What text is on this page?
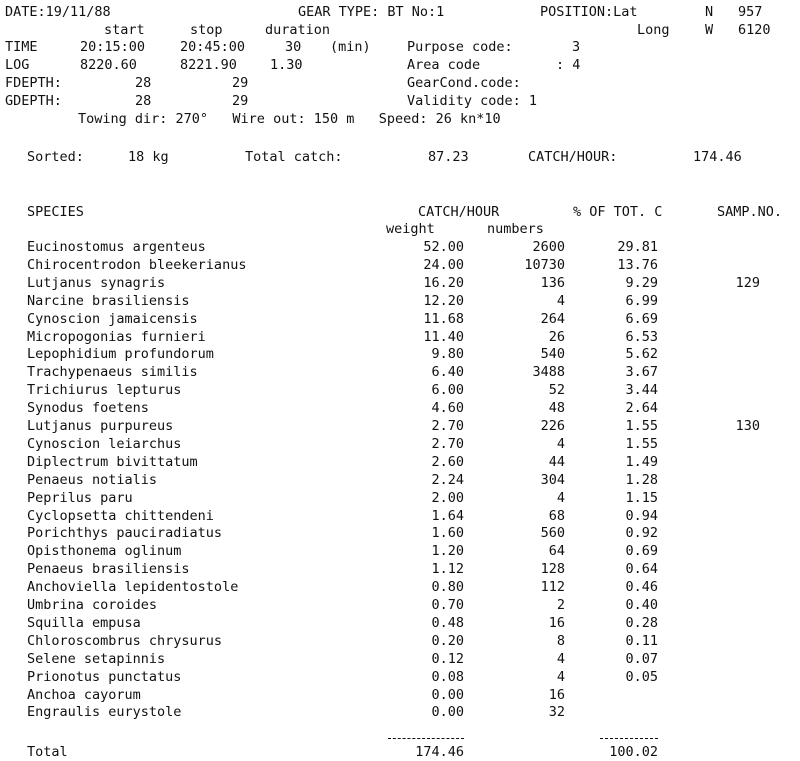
DATE:19/11/88	GEAR TYPE: BT No:1	POSITION:Lat	N 957
start	stop	duration	Long	W 6120
TIME	20:15:00	20:45:00	30 (min)	Purpose code:	3
LOG	8220.60	8221.90 1.30	Area code	: 4
FDEPTH:	28	29	GearCond.code:
GDEPTH:	28	29	Validity code: 1
Towing dir: 270°   Wire out: 150 m   Speed: 26 kn*10
Sorted:	18 kg	Total catch:	87.23	CATCH/HOUR:	174.46
SPECIES	CATCH/HOUR	% OF TOT. C	SAMP.NO.
weight	numbers
Eucinostomus argenteus	52.00	2600	29.81
Chirocentrodon bleekerianus	24.00	10730	13.76
Lutjanus synagris	16.20	136	9.29	129
Narcine brasiliensis	12.20	4	6.99
Cynoscion jamaicensis	11.68	264	6.69
Micropogonias furnieri	11.40	26	6.53
Lepophidium profundorum	9.80	540	5.62
Trachypenaeus similis	6.40	3488	3.67
Trichiurus lepturus	6.00	52	3.44
Synodus foetens	4.60	48	2.64
Lutjanus purpureus	2.70	226	1.55	130
Cynoscion leiarchus	2.70	4	1.55
Diplectrum bivittatum	2.60	44	1.49
Penaeus notialis	2.24	304	1.28
Peprilus paru	2.00	4	1.15
Cyclopsetta chittendeni	1.64	68	0.94
Porichthys pauciradiatus	1.60	560	0.92
Opisthonema oglinum	1.20	64	0.69
Penaeus brasiliensis	1.12	128	0.64
Anchoviella lepidentostole	0.80	112	0.46
Umbrina coroides	0.70	2	0.40
Squilla empusa	0.48	16	0.28
Chloroscombrus chrysurus	0.20	8	0.11
Selene setapinnis	0.12	4	0.07
Prionotus punctatus	0.08	4	0.05
Anchoa cayorum	0.00	16
Engraulis eurystole	0.00	32
Total	174.46	100.02
